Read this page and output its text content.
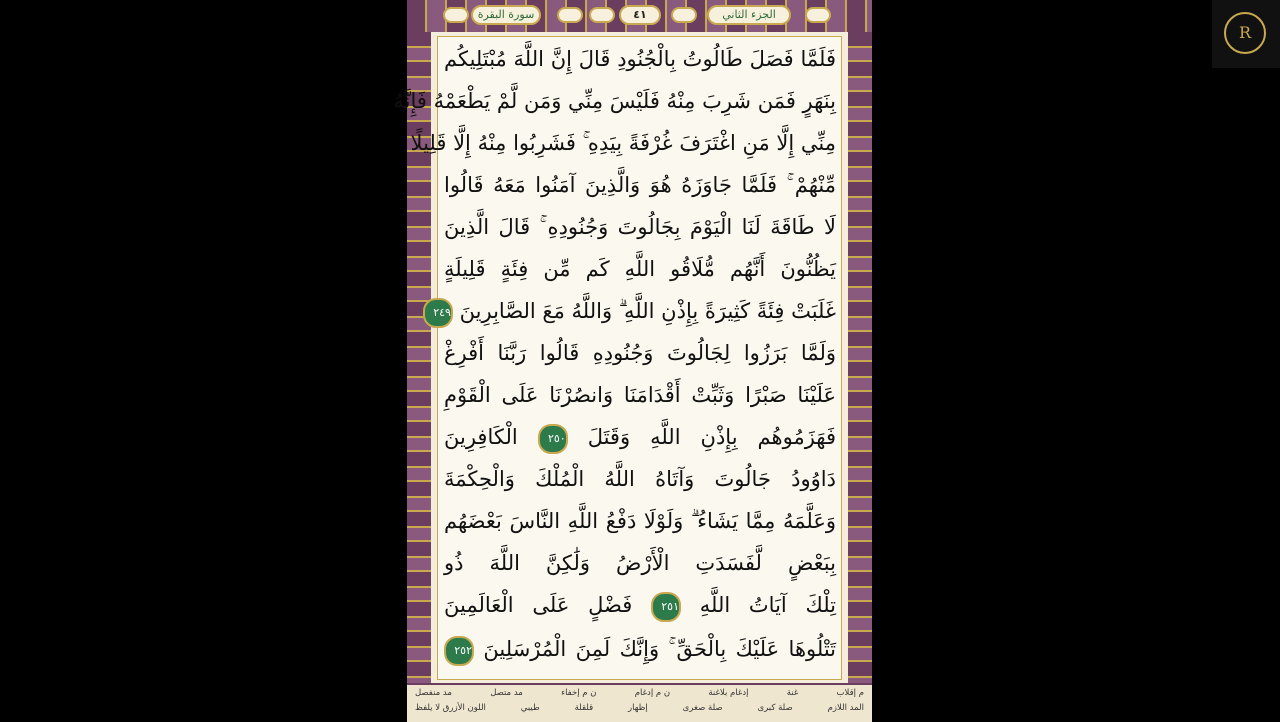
الجزء الثاني
٤١
سورة البقرة
فَلَمَّا فَصَلَ طَالُوتُ بِالْجُنُودِ قَالَ إِنَّ اللَّهَ مُبْتَلِيكُم
بِنَهَرٍ فَمَن شَرِبَ مِنْهُ فَلَيْسَ مِنِّي وَمَن لَّمْ يَطْعَمْهُ فَإِنَّهُ
مِنِّي إِلَّا مَنِ اغْتَرَفَ غُرْفَةً بِيَدِهِ ۚ فَشَرِبُوا مِنْهُ إِلَّا قَلِيلًا
مِّنْهُمْ ۚ فَلَمَّا جَاوَزَهُ هُوَ وَالَّذِينَ آمَنُوا مَعَهُ قَالُوا
لَا طَاقَةَ لَنَا الْيَوْمَ بِجَالُوتَ وَجُنُودِهِ ۚ قَالَ الَّذِينَ
يَظُنُّونَ أَنَّهُم مُّلَاقُو اللَّهِ كَم مِّن فِئَةٍ قَلِيلَةٍ
غَلَبَتْ فِئَةً كَثِيرَةً بِإِذْنِ اللَّهِ ۗ وَاللَّهُ مَعَ الصَّابِرِينَ ٢٤٩
وَلَمَّا بَرَزُوا لِجَالُوتَ وَجُنُودِهِ قَالُوا رَبَّنَا أَفْرِغْ
عَلَيْنَا صَبْرًا وَثَبِّتْ أَقْدَامَنَا وَانصُرْنَا عَلَى الْقَوْمِ
فَهَزَمُوهُم بِإِذْنِ اللَّهِ وَقَتَلَ ٢٥٠ الْكَافِرِينَ
دَاوُودُ جَالُوتَ وَآتَاهُ اللَّهُ الْمُلْكَ وَالْحِكْمَةَ
وَعَلَّمَهُ مِمَّا يَشَاءُ ۗ وَلَوْلَا دَفْعُ اللَّهِ النَّاسَ بَعْضَهُم
بِبَعْضٍ لَّفَسَدَتِ الْأَرْضُ وَلَٰكِنَّ اللَّهَ ذُو
تِلْكَ آيَاتُ اللَّهِ ٢٥١ فَضْلٍ عَلَى الْعَالَمِينَ
تَتْلُوهَا عَلَيْكَ بِالْحَقِّ ۚ وَإِنَّكَ لَمِنَ الْمُرْسَلِينَ ٢٥٢
م إقلاب
غنة
إدغام بلاغنة
ن م إدغام
ن م إخفاء
مد متصل
مد منفصل
المد اللازم
صلة كبرى
صلة صغرى
إظهار
قلقلة
طيبي
اللون الأزرق لا يلفظ
R
